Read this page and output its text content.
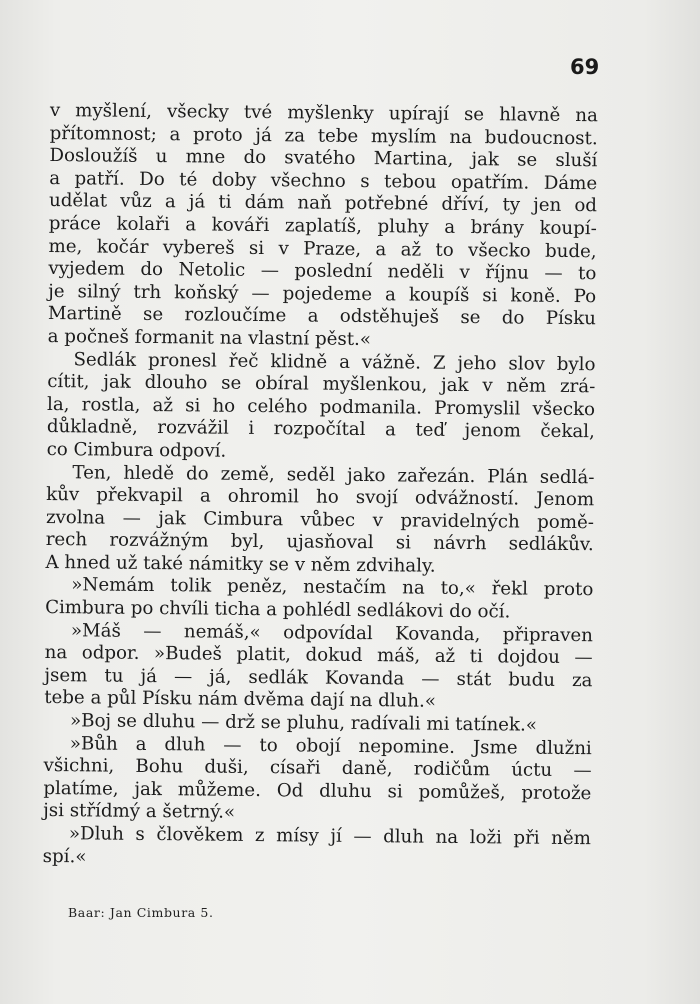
69

v myšlení, všecky tvé myšlenky upírají se hlavně na
přítomnost; a proto já za tebe myslím na budoucnost.
Dosloužíš u mne do svatého Martina, jak se sluší
a patří. Do té doby všechno s tebou opatřím. Dáme
udělat vůz a já ti dám naň potřebné dříví, ty jen od
práce kolaři a kováři zaplatíš, pluhy a brány koupí-
me, kočár vybereš si v Praze, a až to všecko bude,
vyjedem do Netolic — poslední neděli v říjnu — to
je silný trh koňský — pojedeme a koupíš si koně. Po
Martině se rozloučíme a odstěhuješ se do Písku
a počneš formanit na vlastní pěst.«
Sedlák pronesl řeč klidně a vážně. Z jeho slov bylo
cítit, jak dlouho se obíral myšlenkou, jak v něm zrá-
la, rostla, až si ho celého podmanila. Promyslil všecko
důkladně, rozvážil i rozpočítal a teď jenom čekal,
co Cimbura odpoví.
Ten, hledě do země, seděl jako zařezán. Plán sedlá-
kův překvapil a ohromil ho svojí odvážností. Jenom
zvolna — jak Cimbura vůbec v pravidelných pomě-
rech rozvážným byl, ujasňoval si návrh sedlákův.
A hned už také námitky se v něm zdvihaly.
»Nemám tolik peněz, nestačím na to,« řekl proto
Cimbura po chvíli ticha a pohlédl sedlákovi do očí.
»Máš — nemáš,« odpovídal Kovanda, připraven
na odpor. »Budeš platit, dokud máš, až ti dojdou —
jsem tu já — já, sedlák Kovanda — stát budu za
tebe a půl Písku nám dvěma dají na dluh.«
»Boj se dluhu — drž se pluhu, radívali mi tatínek.«
»Bůh a dluh — to obojí nepomine. Jsme dlužni
všichni, Bohu duši, císaři daně, rodičům úctu —
platíme, jak můžeme. Od dluhu si pomůžeš, protože
jsi střídmý a šetrný.«
»Dluh s člověkem z mísy jí — dluh na loži při něm
spí.«

Baar: Jan Cimbura 5.
